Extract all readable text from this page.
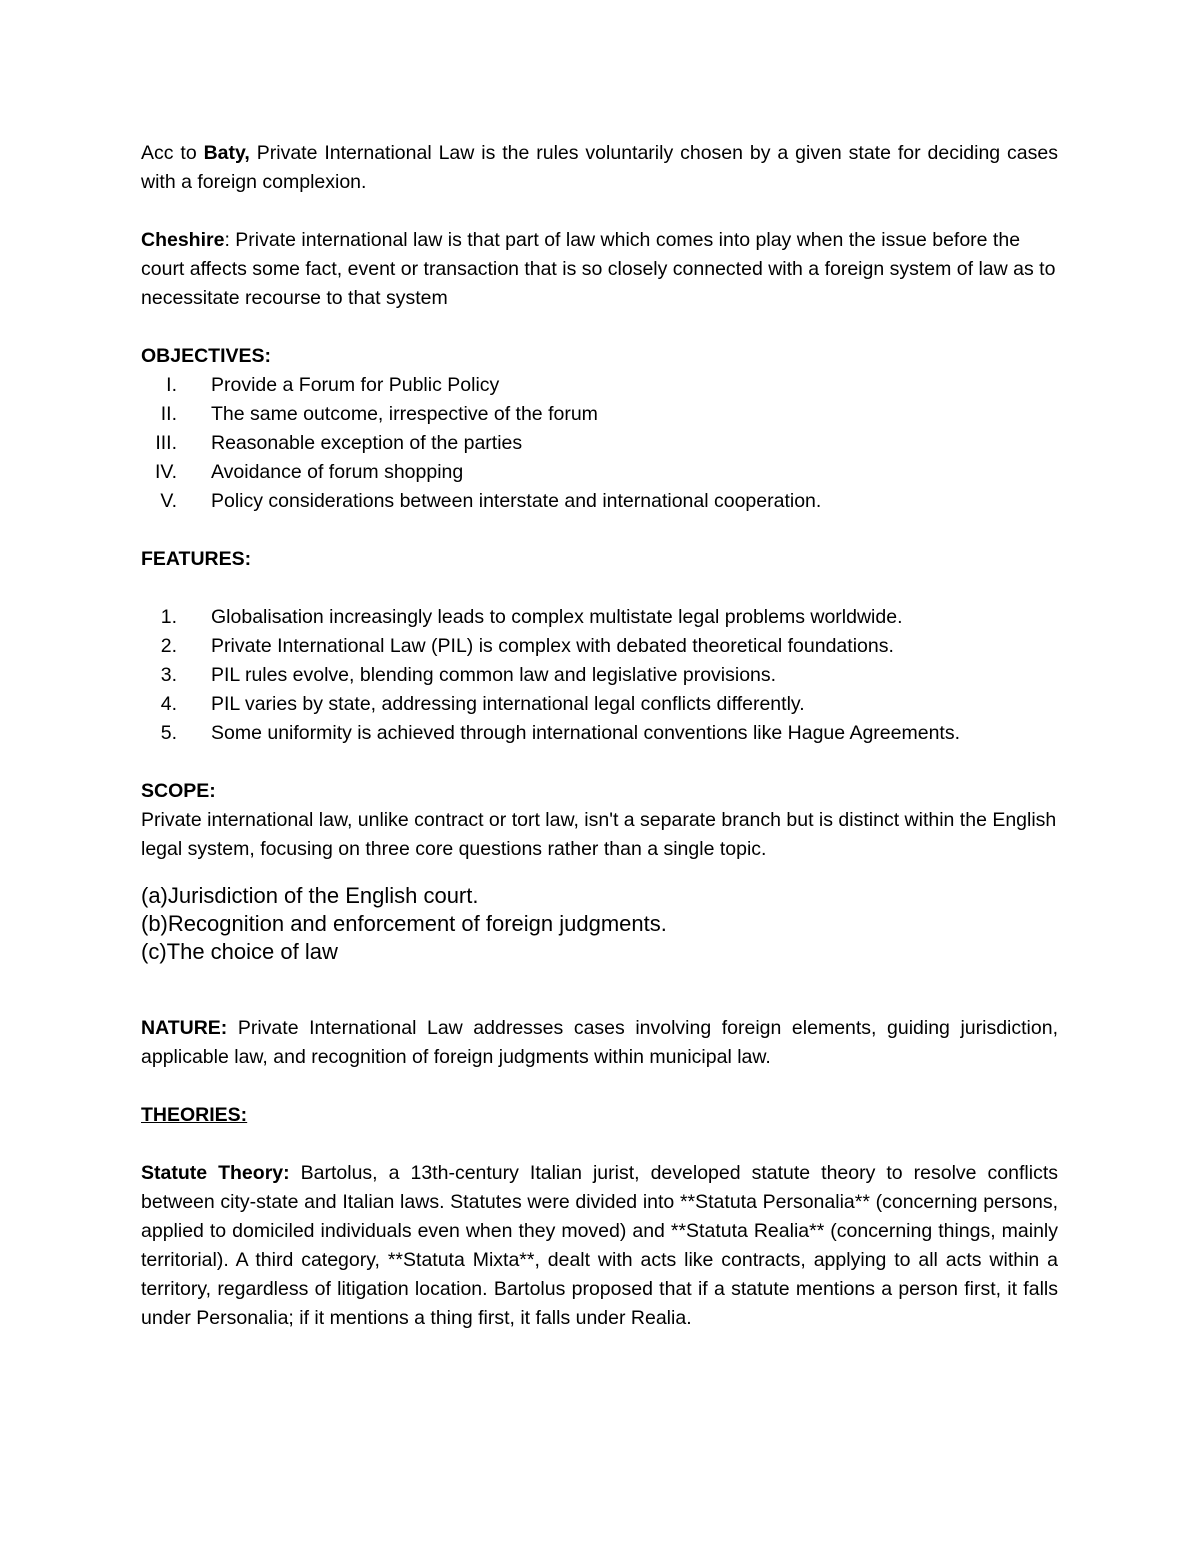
Acc to Baty, Private International Law is the rules voluntarily chosen by a given state for deciding cases with a foreign complexion.

Cheshire: Private international law is that part of law which comes into play when the issue before the court affects some fact, event or transaction that is so closely connected with a foreign system of law as to necessitate recourse to that system

OBJECTIVES:

I. Provide a Forum for Public Policy
II. The same outcome, irrespective of the forum
III. Reasonable exception of the parties
IV. Avoidance of forum shopping
V. Policy considerations between interstate and international cooperation.

FEATURES:

1. Globalisation increasingly leads to complex multistate legal problems worldwide.
2. Private International Law (PIL) is complex with debated theoretical foundations.
3. PIL rules evolve, blending common law and legislative provisions.
4. PIL varies by state, addressing international legal conflicts differently.
5. Some uniformity is achieved through international conventions like Hague Agreements.

SCOPE:

Private international law, unlike contract or tort law, isn't a separate branch but is distinct within the English legal system, focusing on three core questions rather than a single topic.

(a)Jurisdiction of the English court.
(b)Recognition and enforcement of foreign judgments.
(c)The choice of law

NATURE: Private International Law addresses cases involving foreign elements, guiding jurisdiction, applicable law, and recognition of foreign judgments within municipal law.

THEORIES:

Statute Theory: Bartolus, a 13th-century Italian jurist, developed statute theory to resolve conflicts between city-state and Italian laws. Statutes were divided into **Statuta Personalia** (concerning persons, applied to domiciled individuals even when they moved) and **Statuta Realia** (concerning things, mainly territorial). A third category, **Statuta Mixta**, dealt with acts like contracts, applying to all acts within a territory, regardless of litigation location. Bartolus proposed that if a statute mentions a person first, it falls under Personalia; if it mentions a thing first, it falls under Realia.
